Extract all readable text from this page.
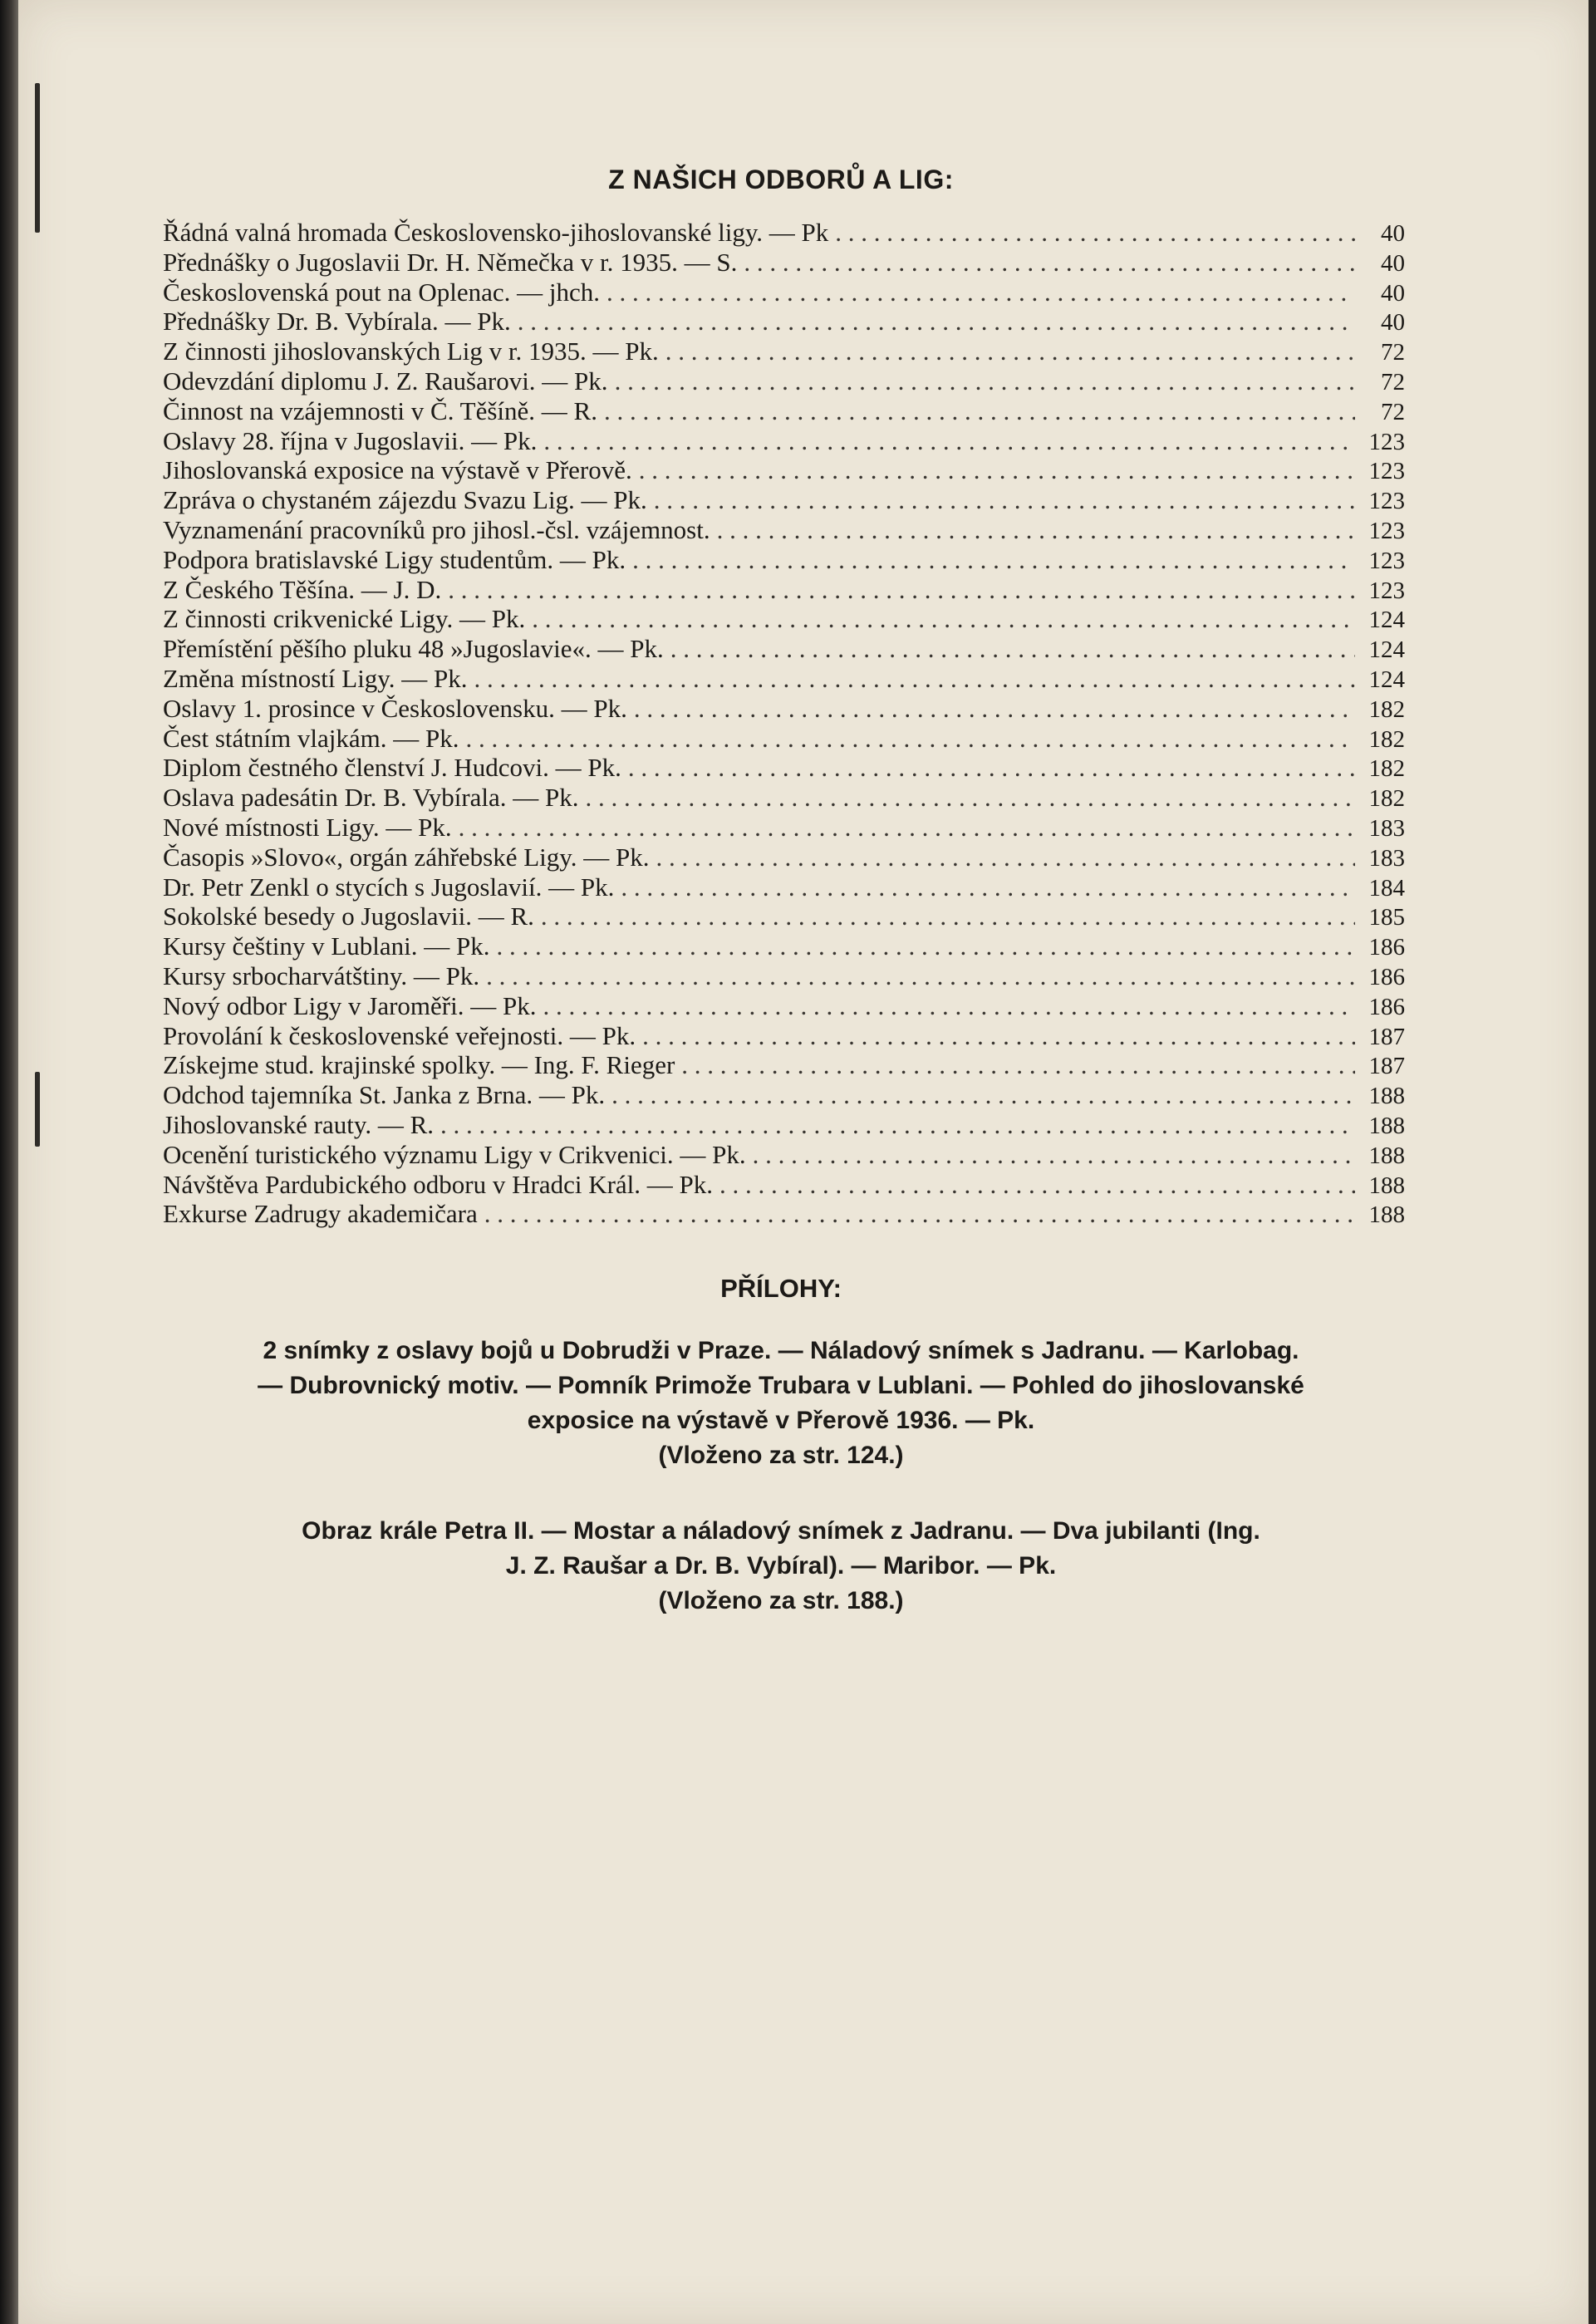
Z NAŠICH ODBORŮ A LIG:
Řádná valná hromada Československo-jihoslovanské ligy. — Pk . . .	40
Přednášky o Jugoslavii Dr. H. Němečka v r. 1935. — S. . . .	40
Československá pout na Oplenac. — jhch. . . .	40
Přednášky Dr. B. Vybírala. — Pk. . . .	40
Z činnosti jihoslovanských Lig v r. 1935. — Pk. . . .	72
Odevzdání diplomu J. Z. Raušarovi. — Pk. . . .	72
Činnost na vzájemnosti v Č. Těšíně. — R. . . .	72
Oslavy 28. října v Jugoslavii. — Pk. . . .	123
Jihoslovanská exposice na výstavě v Přerově. . . .	123
Zpráva o chystaném zájezdu Svazu Lig. — Pk. . . .	123
Vyznamenání pracovníků pro jihosl.-čsl. vzájemnost. . . .	123
Podpora bratislavské Ligy studentům. — Pk. . . .	123
Z Českého Těšína. — J. D. . . .	123
Z činnosti crikvenické Ligy. — Pk. . . .	124
Přemístění pěšího pluku 48 »Jugoslavie«. — Pk. . . .	124
Změna místností Ligy. — Pk. . . .	124
Oslavy 1. prosince v Československu. — Pk. . . .	182
Čest státním vlajkám. — Pk. . . .	182
Diplom čestného členství J. Hudcovi. — Pk. . . .	182
Oslava padesátin Dr. B. Vybírala. — Pk. . . .	182
Nové místnosti Ligy. — Pk. . . .	183
Časopis »Slovo«, orgán záhřebské Ligy. — Pk. . . .	183
Dr. Petr Zenkl o stycích s Jugoslavií. — Pk. . . .	184
Sokolské besedy o Jugoslavii. — R. . . .	185
Kursy češtiny v Lublani. — Pk. . . .	186
Kursy srbocharvátštiny. — Pk. . . .	186
Nový odbor Ligy v Jaroměři. — Pk. . . .	186
Provolání k československé veřejnosti. — Pk. . . .	187
Získejme stud. krajinské spolky. — Ing. F. Rieger . . .	187
Odchod tajemníka St. Janka z Brna. — Pk. . . .	188
Jihoslovanské rauty. — R. . . .	188
Ocenění turistického významu Ligy v Crikvenici. — Pk. . . .	188
Návštěva Pardubického odboru v Hradci Král. — Pk. . . .	188
Exkurse Zadrugy akademičara . . .	188
PŘÍLOHY:
2 snímky z oslavy bojů u Dobrudži v Praze. — Náladový snímek s Jadranu. — Karlobag.
— Dubrovnický motiv. — Pomník Primože Trubara v Lublani. — Pohled do jihoslovanské
exposice na výstavě v Přerově 1936. — Pk.
(Vloženo za str. 124.)
Obraz krále Petra II. — Mostar a náladový snímek z Jadranu. — Dva jubilanti (Ing.
J. Z. Raušar a Dr. B. Vybíral). — Maribor. — Pk.
(Vloženo za str. 188.)
